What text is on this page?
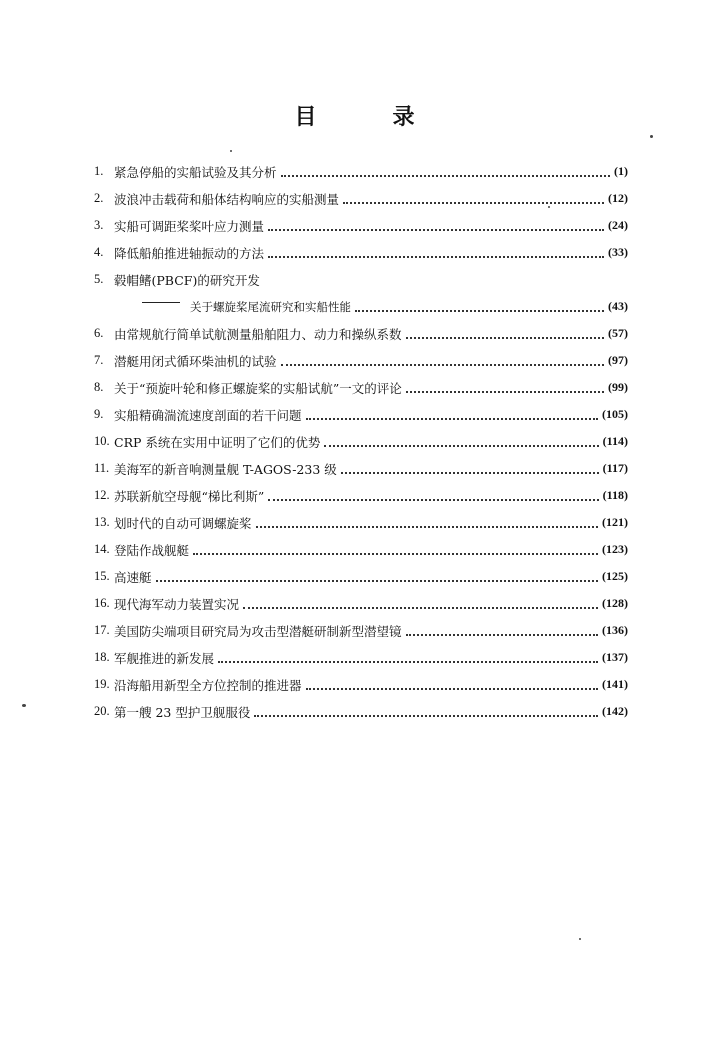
目	录
1. 紧急停船的实船试验及其分析	(1)
2. 波浪冲击载荷和船体结构响应的实船测量	(12)
3. 实船可调距桨桨叶应力测量	(24)
4. 降低船舶推进轴振动的方法	(33)
5. 毂帽鳍(PBCF)的研究开发
关于螺旋桨尾流研究和实船性能	(43)
6. 由常规航行简单试航测量船舶阻力、动力和操纵系数	(57)
7. 潜艇用闭式循环柴油机的试验	(97)
8. 关于“预旋叶轮和修正螺旋桨的实船试航”一文的评论	(99)
9. 实船精确湍流速度剖面的若干问题	(105)
10. CRP 系统在实用中证明了它们的优势	(114)
11. 美海军的新音响测量舰 T-AGOS-233 级	(117)
12. 苏联新航空母舰“梯比利斯”	(118)
13. 划时代的自动可调螺旋桨	(121)
14. 登陆作战舰艇	(123)
15. 高速艇	(125)
16. 现代海军动力装置实况	(128)
17. 美国防尖端项目研究局为攻击型潜艇研制新型潜望镜	(136)
18. 军舰推进的新发展	(137)
19. 沿海船用新型全方位控制的推进器	(141)
20. 第一艘 23 型护卫舰服役	(142)
